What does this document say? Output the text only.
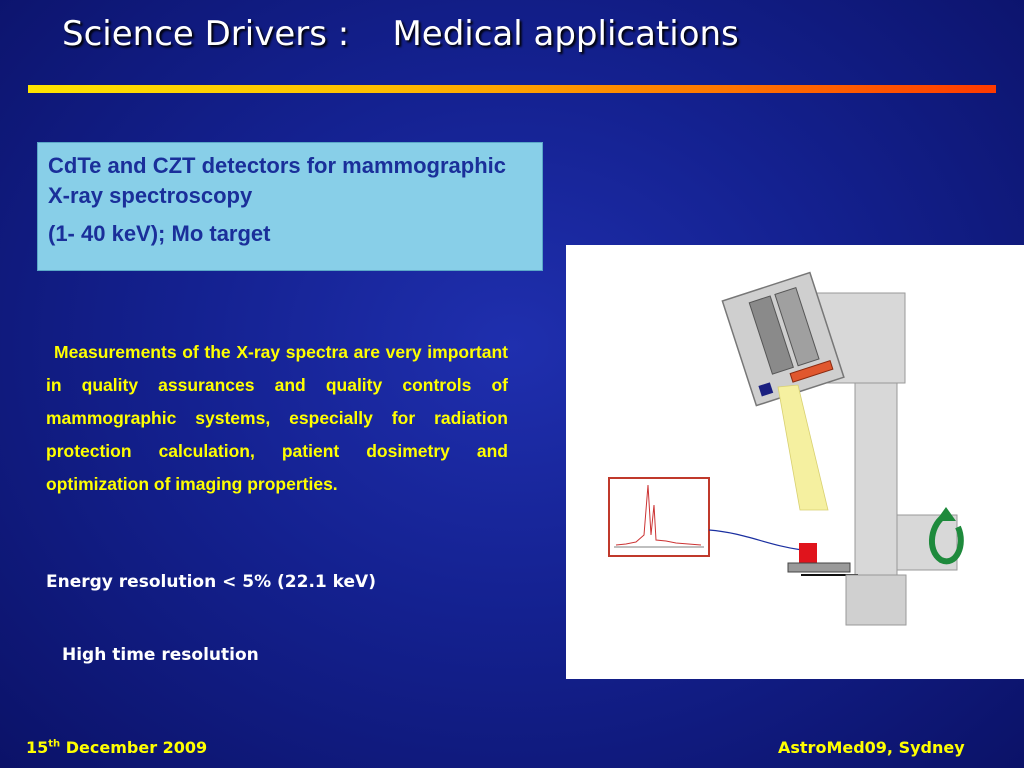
Science Drivers :    Medical applications

CdTe and CZT detectors for mammographic X-ray spectroscopy

(1- 40 keV); Mo target

Measurements of the X-ray spectra are very important in quality assurances and quality controls of mammographic systems, especially for radiation protection calculation, patient dosimetry and optimization of imaging properties.

Energy resolution < 5% (22.1 keV)

High time resolution

15th December 2009	AstroMed09, Sydney
